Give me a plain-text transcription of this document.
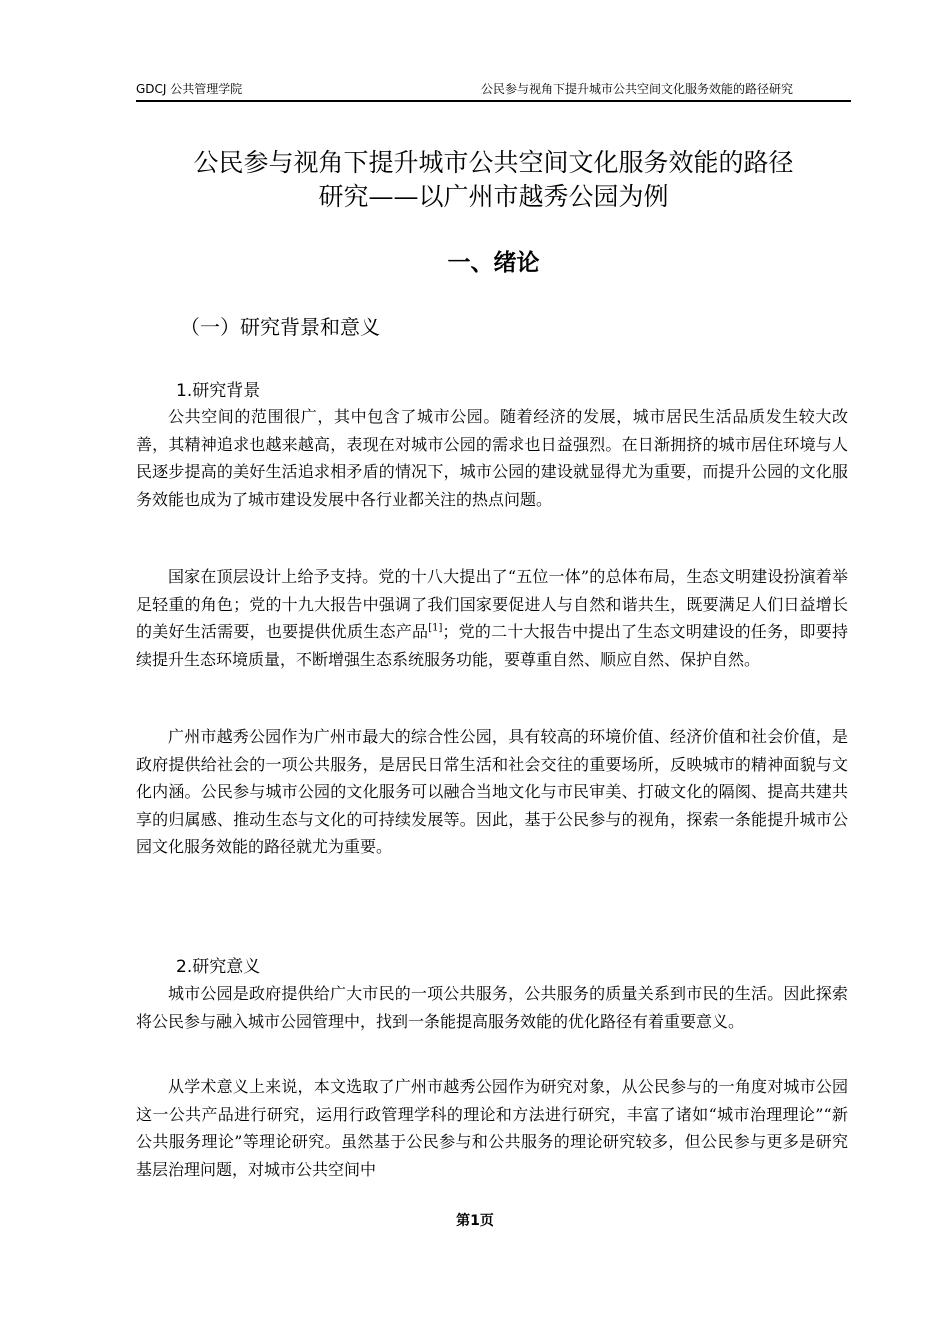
GDCJ 公共管理学院	公民参与视角下提升城市公共空间文化服务效能的路径研究
公民参与视角下提升城市公共空间文化服务效能的路径
研究——以广州市越秀公园为例
一、绪论
（一）研究背景和意义
1.研究背景

公共空间的范围很广，其中包含了城市公园。随着经济的发展，城市居民生活品质发生较大改善，其精神追求也越来越高，表现在对城市公园的需求也日益强烈。在日渐拥挤的城市居住环境与人民逐步提高的美好生活追求相矛盾的情况下，城市公园的建设就显得尤为重要，而提升公园的文化服务效能也成为了城市建设发展中各行业都关注的热点问题。

国家在顶层设计上给予支持。党的十八大提出了“五位一体”的总体布局，生态文明建设扮演着举足轻重的角色；党的十九大报告中强调了我们国家要促进人与自然和谐共生，既要满足人们日益增长的美好生活需要，也要提供优质生态产品[1]；党的二十大报告中提出了生态文明建设的任务，即要持续提升生态环境质量，不断增强生态系统服务功能，要尊重自然、顺应自然、保护自然。

广州市越秀公园作为广州市最大的综合性公园，具有较高的环境价值、经济价值和社会价值，是政府提供给社会的一项公共服务，是居民日常生活和社会交往的重要场所，反映城市的精神面貌与文化内涵。公民参与城市公园的文化服务可以融合当地文化与市民审美、打破文化的隔阂、提高共建共享的归属感、推动生态与文化的可持续发展等。因此，基于公民参与的视角，探索一条能提升城市公园文化服务效能的路径就尤为重要。

2.研究意义

城市公园是政府提供给广大市民的一项公共服务，公共服务的质量关系到市民的生活。因此探索将公民参与融入城市公园管理中，找到一条能提高服务效能的优化路径有着重要意义。

从学术意义上来说，本文选取了广州市越秀公园作为研究对象，从公民参与的一角度对城市公园这一公共产品进行研究，运用行政管理学科的理论和方法进行研究，丰富了诸如“城市治理理论”“新公共服务理论”等理论研究。虽然基于公民参与和公共服务的理论研究较多，但公民参与更多是研究基层治理问题，对城市公共空间中

第1页
